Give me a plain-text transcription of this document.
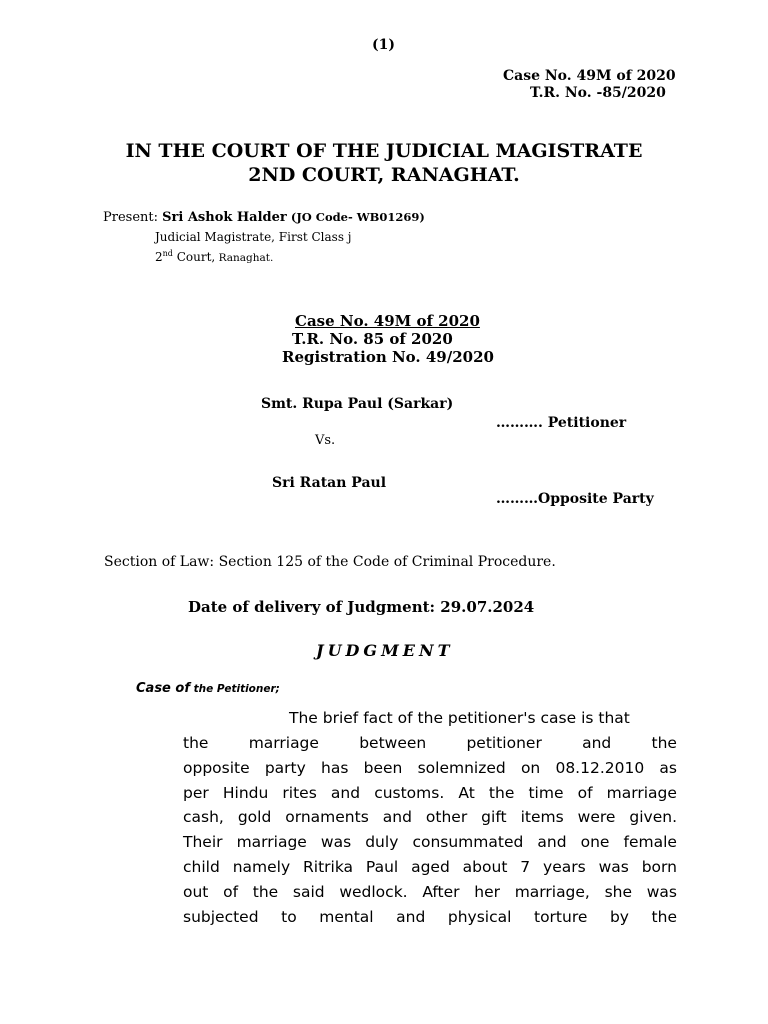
(1)
Case No. 49M of 2020
T.R. No. -85/2020
IN THE COURT OF THE JUDICIAL MAGISTRATE
2ND COURT, RANAGHAT.
Present: Sri Ashok Halder (JO Code- WB01269)
Judicial Magistrate, First Class j
2nd Court, Ranaghat.
Case No. 49M of 2020
T.R. No. 85 of 2020
Registration No. 49/2020
Smt. Rupa Paul (Sarkar)
………. Petitioner
Vs.
Sri Ratan Paul
………Opposite Party
Section of Law: Section 125 of the Code of Criminal Procedure.
Date of delivery of Judgment: 29.07.2024
JUDGMENT
Case of the Petitioner;
The brief fact of the petitioner's case is that
the	marriage	between	petitioner	and	the
opposite party has been solemnized on 08.12.2010 as
per Hindu rites and customs. At the time of marriage
cash, gold ornaments and other gift items were given.
Their marriage was duly consummated and one female
child namely Ritrika Paul aged about 7 years was born
out of the said wedlock. After her marriage, she was
subjected to mental and physical torture by the
